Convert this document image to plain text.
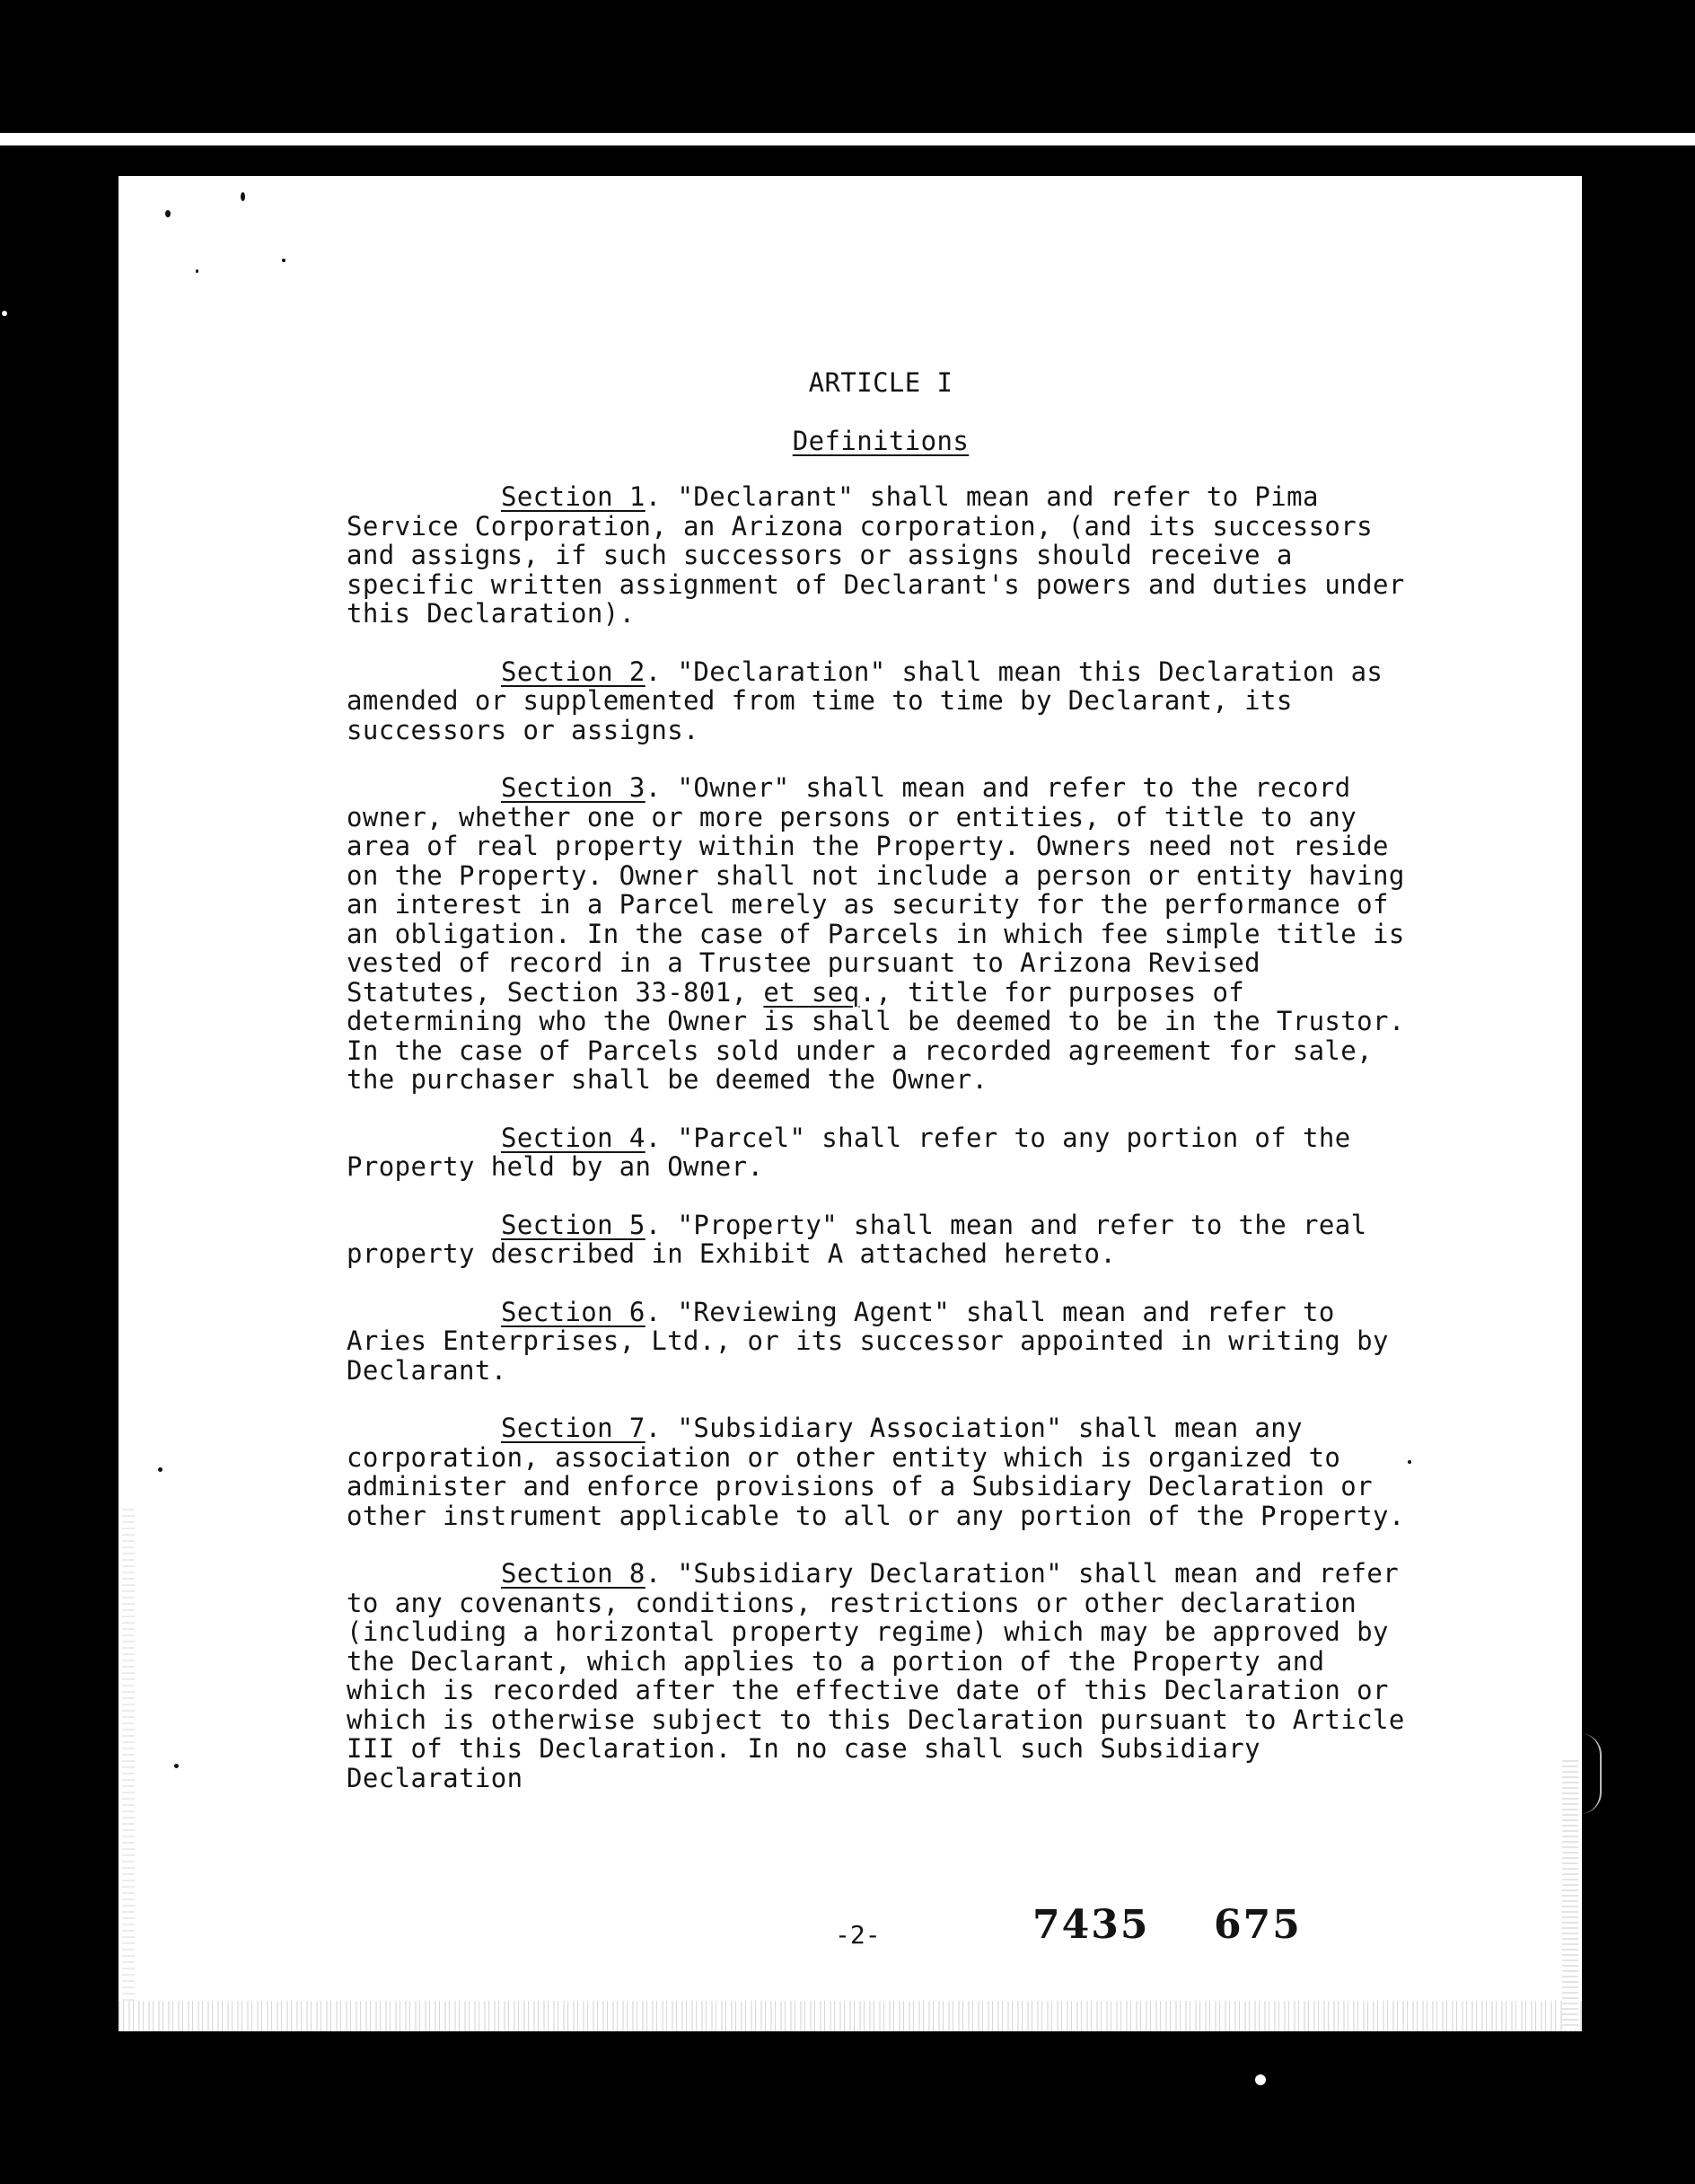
ARTICLE I

Definitions

Section 1. "Declarant" shall mean and refer to Pima Service Corporation, an Arizona corporation, (and its successors and assigns, if such successors or assigns should receive a specific written assignment of Declarant's powers and duties under this Declaration).

Section 2. "Declaration" shall mean this Declaration as amended or supplemented from time to time by Declarant, its successors or assigns.

Section 3. "Owner" shall mean and refer to the record owner, whether one or more persons or entities, of title to any area of real property within the Property. Owners need not reside on the Property. Owner shall not include a person or entity having an interest in a Parcel merely as security for the performance of an obligation. In the case of Parcels in which fee simple title is vested of record in a Trustee pursuant to Arizona Revised Statutes, Section 33-801, et seq., title for purposes of determining who the Owner is shall be deemed to be in the Trustor. In the case of Parcels sold under a recorded agreement for sale, the purchaser shall be deemed the Owner.

Section 4. "Parcel" shall refer to any portion of the Property held by an Owner.

Section 5. "Property" shall mean and refer to the real property described in Exhibit A attached hereto.

Section 6. "Reviewing Agent" shall mean and refer to Aries Enterprises, Ltd., or its successor appointed in writing by Declarant.

Section 7. "Subsidiary Association" shall mean any corporation, association or other entity which is organized to administer and enforce provisions of a Subsidiary Declaration or other instrument applicable to all or any portion of the Property.

Section 8. "Subsidiary Declaration" shall mean and refer to any covenants, conditions, restrictions or other declaration (including a horizontal property regime) which may be approved by the Declarant, which applies to a portion of the Property and which is recorded after the effective date of this Declaration or which is otherwise subject to this Declaration pursuant to Article III of this Declaration. In no case shall such Subsidiary Declaration

-2-	7435 675
